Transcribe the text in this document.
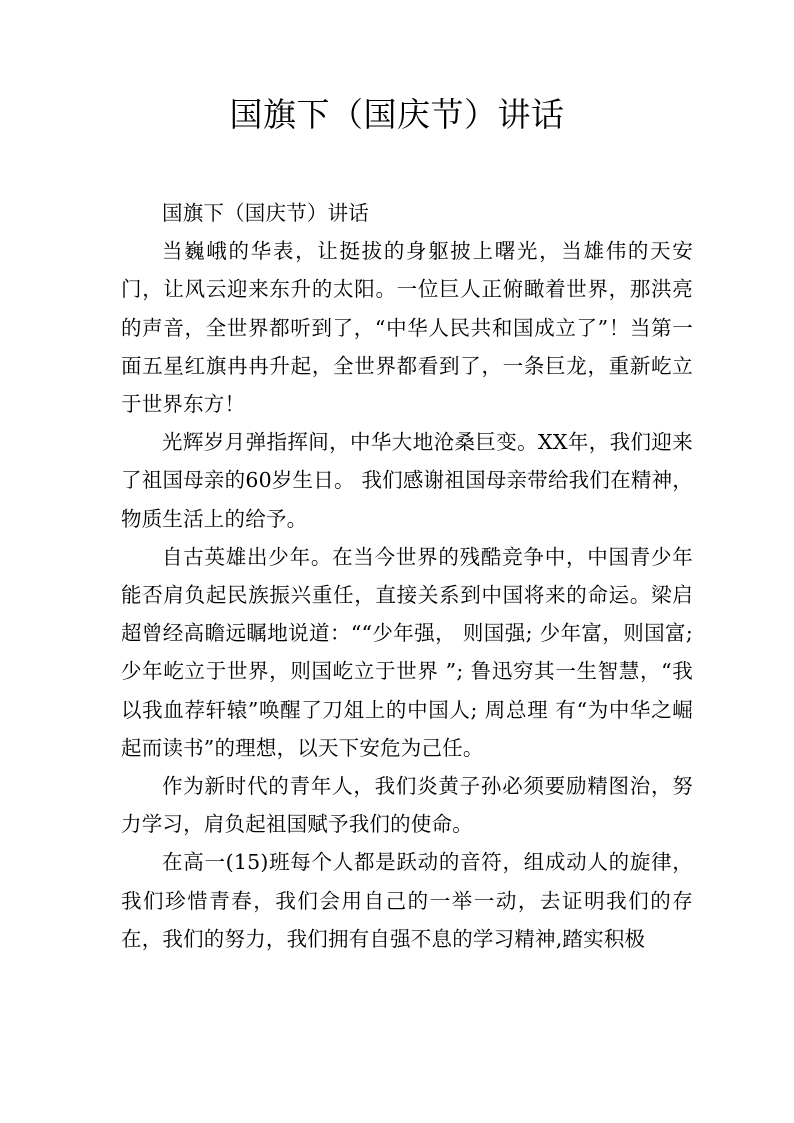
国旗下（国庆节）讲话

国旗下（国庆节）讲话

当巍峨的华表，让挺拔的身躯披上曙光，当雄伟的天安门，让风云迎来东升的太阳。一位巨人正俯瞰着世界，那洪亮的声音，全世界都听到了，“中华人民共和国成立了”！当第一面五星红旗冉冉升起，全世界都看到了，一条巨龙，重新屹立于世界东方！

光辉岁月弹指挥间，中华大地沧桑巨变。XX年，我们迎来了祖国母亲的60岁生日。 我们感谢祖国母亲带给我们在精神，物质生活上的给予。

自古英雄出少年。在当今世界的残酷竞争中，中国青少年能否肩负起民族振兴重任，直接关系到中国将来的命运。梁启超曾经高瞻远瞩地说道：““少年强， 则国强; 少年富，则国富; 少年屹立于世界，则国屹立于世界 ”; 鲁迅穷其一生智慧，“我以我血荐轩辕”唤醒了刀俎上的中国人; 周总理 有“为中华之崛起而读书”的理想，以天下安危为己任。

作为新时代的青年人，我们炎黄子孙必须要励精图治，努力学习，肩负起祖国赋予我们的使命。

在高一(15)班每个人都是跃动的音符，组成动人的旋律，我们珍惜青春，我们会用自己的一举一动，去证明我们的存在，我们的努力，我们拥有自强不息的学习精神,踏实积极
